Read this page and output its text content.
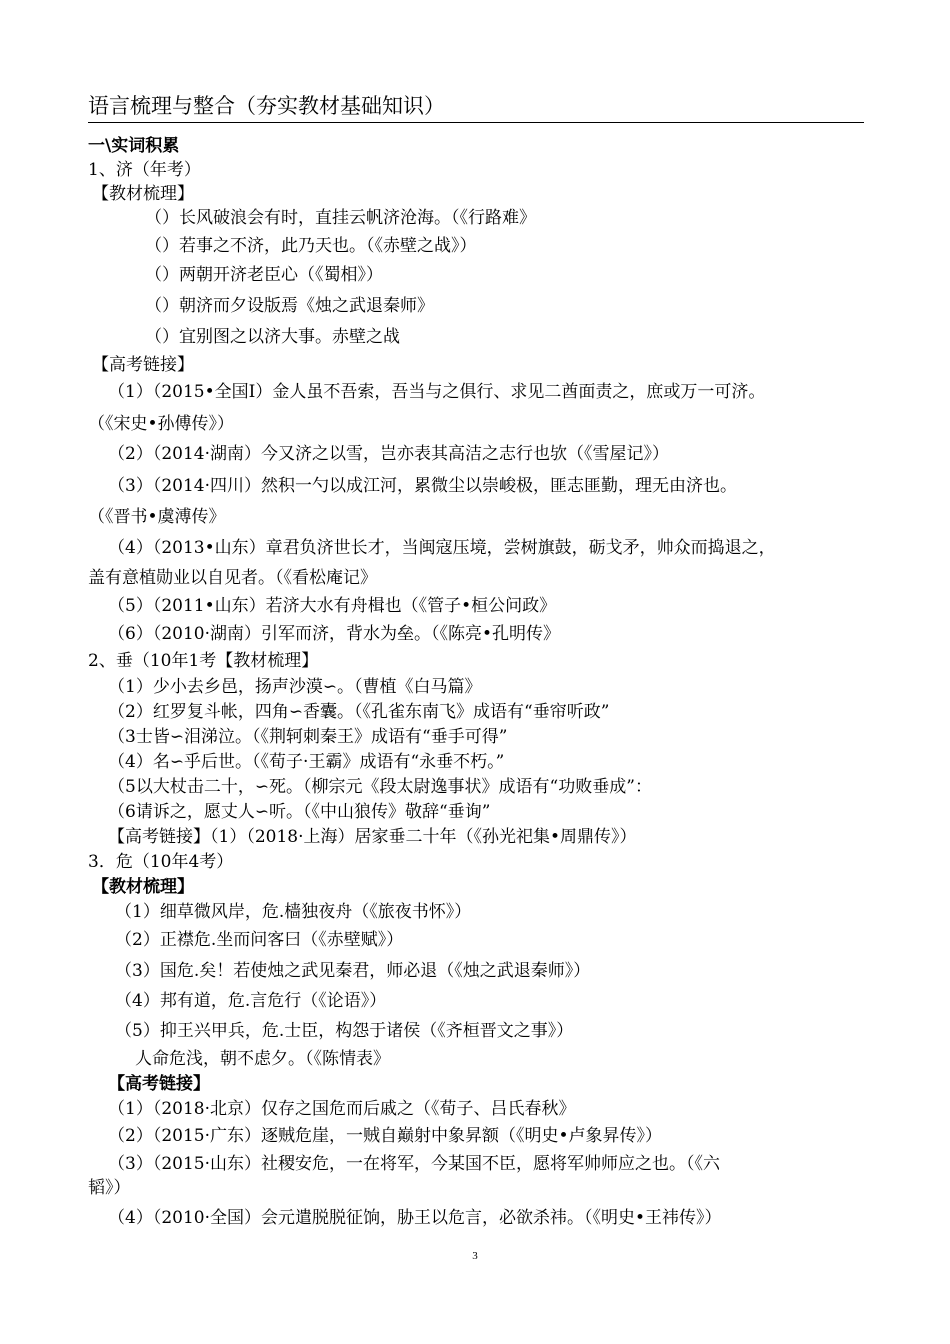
语言梳理与整合（夯实教材基础知识）
一\实词积累
1、济（年考）
【教材梳理】
（）长风破浪会有时，直挂云帆济沧海。（《行路难》
（）若事之不济，此乃天也。（《赤壁之战》）
（）两朝开济老臣心（《蜀相》）
（）朝济而夕设版焉《烛之武退秦师》
（）宜别图之以济大事。赤壁之战
【高考链接】
（1）（2015•全国Ⅰ）金人虽不吾索，吾当与之俱行、求见二酋面责之，庶或万一可济。
（《宋史•孙傅传》）
（2）（2014·湖南）今又济之以雪，岂亦表其高洁之志行也欤（《雪屋记》）
（3）（2014·四川）然积一勺以成江河，累微尘以崇峻极，匪志匪勤，理无由济也。
（《晋书•虞溥传》
（4）（2013•山东）章君负济世长才，当闽寇压境，尝树旗鼓，砺戈矛，帅众而捣退之，
盖有意植勋业以自见者。（《看松庵记》
（5）（2011•山东）若济大水有舟楫也（《管子•桓公问政》
（6）（2010·湖南）引军而济，背水为垒。（《陈亮•孔明传》
2、垂（10年1考【教材梳理】
（1）少小去乡邑，扬声沙漠∽。（曹植《白马篇》
（2）红罗复斗帐，四角∽香囊。（《孔雀东南飞》成语有“垂帘听政”
（3士皆∽泪涕泣。（《荆轲刺秦王》成语有“垂手可得”
（4）名∽乎后世。（《荀子·王霸》成语有“永垂不朽。”
（5以大杖击二十，∽死。（柳宗元《段太尉逸事状》成语有“功败垂成”：
（6请诉之，愿丈人∽听。（《中山狼传》敬辞“垂询”
【高考链接】（1）（2018·上海）居家垂二十年（《孙光祀集•周鼎传》）
3．危（10年4考）
【教材梳理】
（1）细草微风岸，危.樯独夜舟（《旅夜书怀》）
（2）正襟危.坐而问客曰（《赤壁赋》）
（3）国危.矣！若使烛之武见秦君，师必退（《烛之武退秦师》）
（4）邦有道，危.言危行（《论语》）
（5）抑王兴甲兵，危.士臣，构怨于诸侯（《齐桓晋文之事》）
人命危浅，朝不虑夕。（《陈情表》
【高考链接】
（1）（2018·北京）仅存之国危而后戚之（《荀子、吕氏春秋》
（2）（2015·广东）逐贼危崖，一贼自巅射中象昇额（《明史•卢象昇传》）
（3）（2015·山东）社稷安危，一在将军，今某国不臣，愿将军帅师应之也。（《六
韬》）
（4）（2010·全国）会元遣脱脱征饷，胁王以危言，必欲杀祎。（《明史•王祎传》）
3
